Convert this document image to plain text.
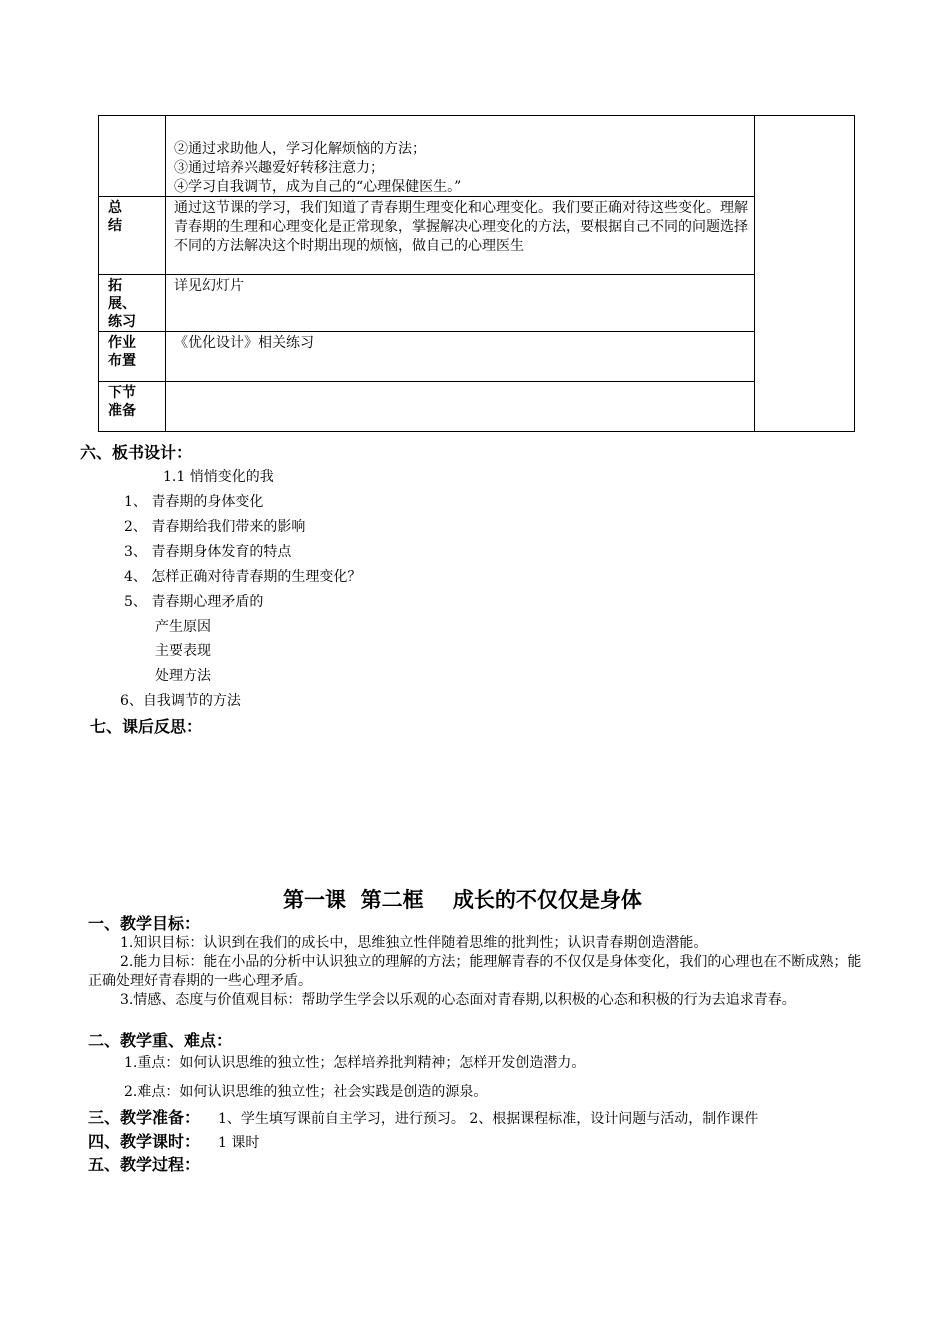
②通过求助他人，学习化解烦恼的方法；
③通过培养兴趣爱好转移注意力；
④学习自我调节，成为自己的“心理保健医生。”
总
结
通过这节课的学习，我们知道了青春期生理变化和心理变化。我们要正确对待这些变化。理解青春期的生理和心理变化是正常现象，掌握解决心理变化的方法，要根据自己不同的问题选择不同的方法解决这个时期出现的烦恼，做自己的心理医生
拓
展、
练习
详见幻灯片
作业
布置
《优化设计》相关练习
下节
准备
六、板书设计：
1.1 悄悄变化的我
1、 青春期的身体变化
2、 青春期给我们带来的影响
3、 青春期身体发育的特点
4、 怎样正确对待青春期的生理变化？
5、 青春期心理矛盾的
产生原因
主要表现
处理方法
6、自我调节的方法
七、课后反思：
第一课  第二框    成长的不仅仅是身体
一、教学目标：
1.知识目标：认识到在我们的成长中，思维独立性伴随着思维的批判性；认识青春期创造潜能。
2.能力目标：能在小品的分析中认识独立的理解的方法；能理解青春的不仅仅是身体变化，我们的心理也在不断成熟；能正确处理好青春期的一些心理矛盾。
3.情感、态度与价值观目标：帮助学生学会以乐观的心态面对青春期,以积极的心态和积极的行为去追求青春。
二、教学重、难点：
1.重点：如何认识思维的独立性；怎样培养批判精神；怎样开发创造潜力。
2.难点：如何认识思维的独立性；社会实践是创造的源泉。
三、教学准备： 1、学生填写课前自主学习，进行预习。 2、根据课程标准，设计问题与活动，制作课件
四、教学课时： 1 课时
五、教学过程：
